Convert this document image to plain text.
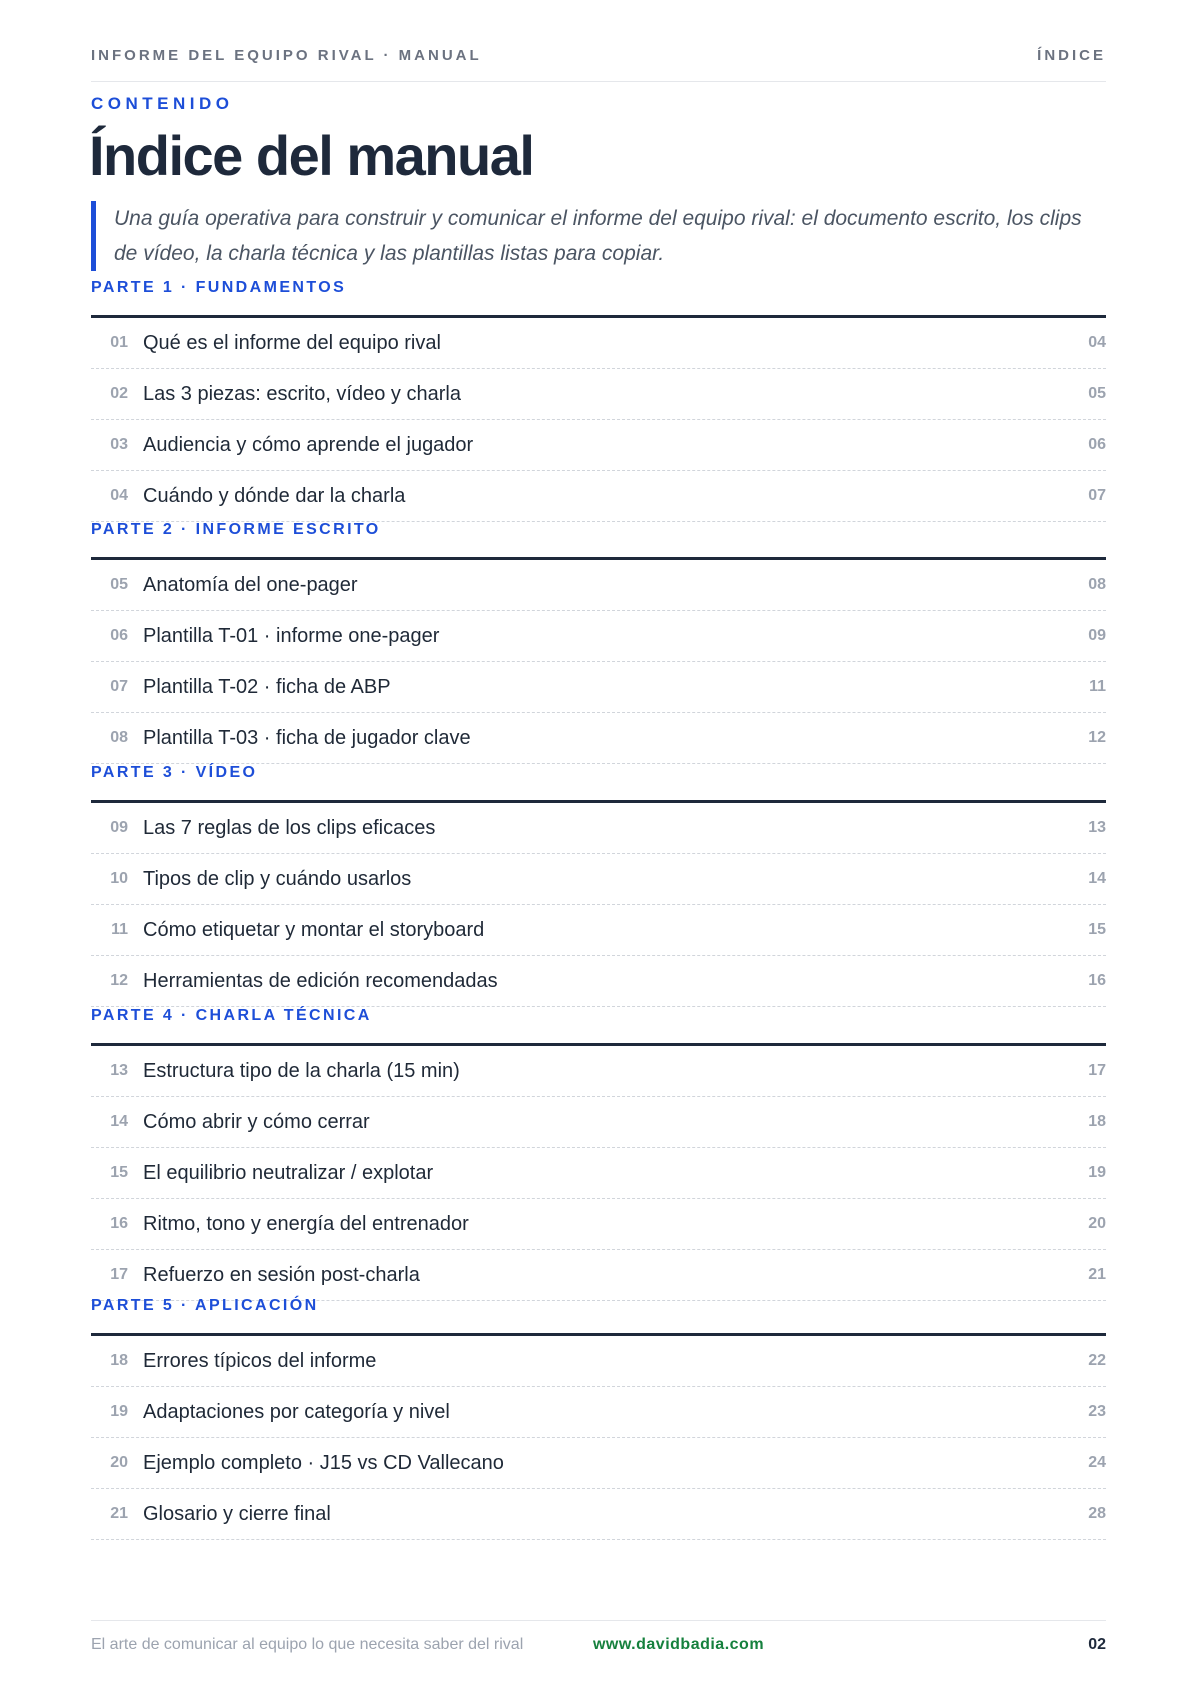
INFORME DEL EQUIPO RIVAL · MANUAL	ÍNDICE
CONTENIDO
Índice del manual
Una guía operativa para construir y comunicar el informe del equipo rival: el documento escrito, los clips de vídeo, la charla técnica y las plantillas listas para copiar.
PARTE 1 · FUNDAMENTOS
01 Qué es el informe del equipo rival	04
02 Las 3 piezas: escrito, vídeo y charla	05
03 Audiencia y cómo aprende el jugador	06
04 Cuándo y dónde dar la charla	07
PARTE 2 · INFORME ESCRITO
05 Anatomía del one-pager	08
06 Plantilla T-01 · informe one-pager	09
07 Plantilla T-02 · ficha de ABP	11
08 Plantilla T-03 · ficha de jugador clave	12
PARTE 3 · VÍDEO
09 Las 7 reglas de los clips eficaces	13
10 Tipos de clip y cuándo usarlos	14
11 Cómo etiquetar y montar el storyboard	15
12 Herramientas de edición recomendadas	16
PARTE 4 · CHARLA TÉCNICA
13 Estructura tipo de la charla (15 min)	17
14 Cómo abrir y cómo cerrar	18
15 El equilibrio neutralizar / explotar	19
16 Ritmo, tono y energía del entrenador	20
17 Refuerzo en sesión post-charla	21
PARTE 5 · APLICACIÓN
18 Errores típicos del informe	22
19 Adaptaciones por categoría y nivel	23
20 Ejemplo completo · J15 vs CD Vallecano	24
21 Glosario y cierre final	28
El arte de comunicar al equipo lo que necesita saber del rival	www.davidbadia.com	02
